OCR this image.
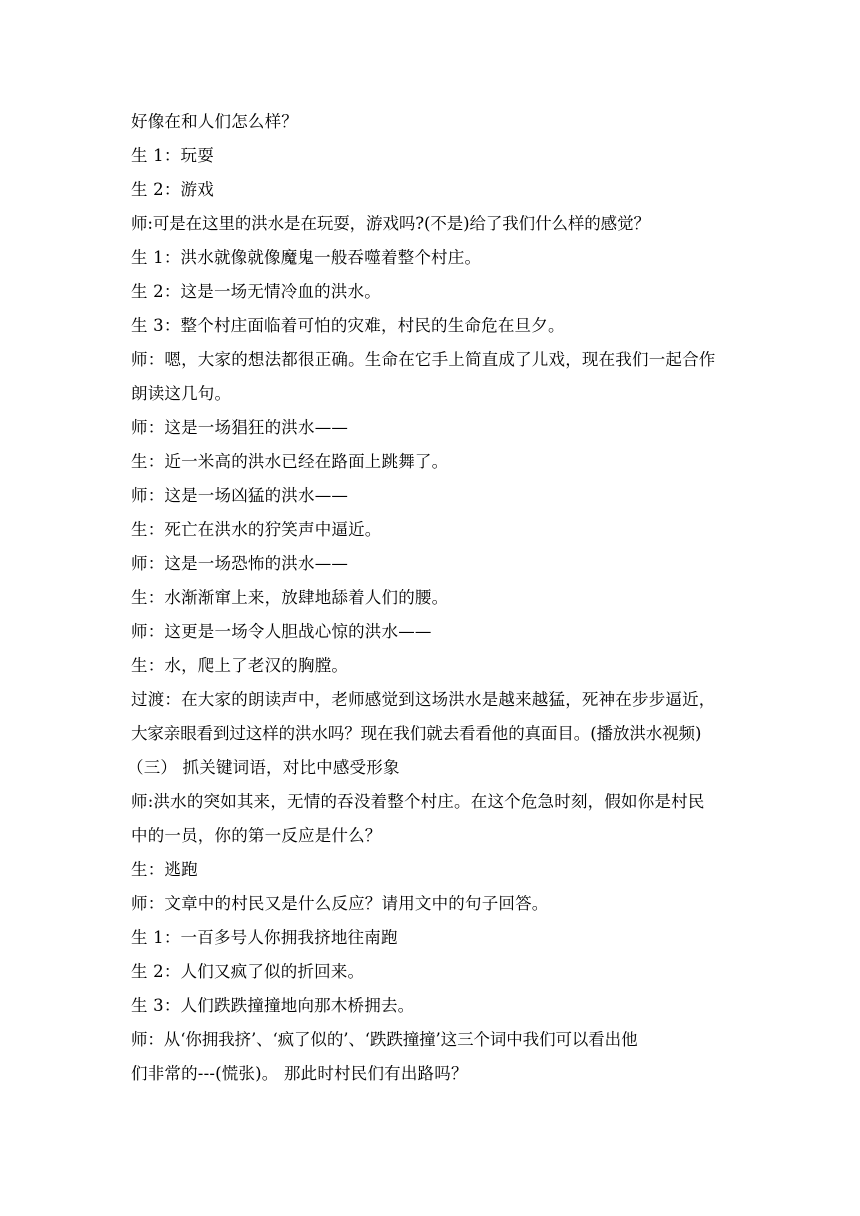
好像在和人们怎么样？
生 1：玩耍
生 2：游戏
师:可是在这里的洪水是在玩耍，游戏吗?(不是)给了我们什么样的感觉？
生 1：洪水就像就像魔鬼一般吞噬着整个村庄。
生 2：这是一场无情冷血的洪水。
生 3：整个村庄面临着可怕的灾难，村民的生命危在旦夕。
师：嗯，大家的想法都很正确。生命在它手上简直成了儿戏，现在我们一起合作
朗读这几句。
师：这是一场猖狂的洪水——
生：近一米高的洪水已经在路面上跳舞了。
师：这是一场凶猛的洪水——
生：死亡在洪水的狞笑声中逼近。
师：这是一场恐怖的洪水——
生：水渐渐窜上来，放肆地舔着人们的腰。
师：这更是一场令人胆战心惊的洪水——
生：水，爬上了老汉的胸膛。
过渡：在大家的朗读声中，老师感觉到这场洪水是越来越猛，死神在步步逼近，
大家亲眼看到过这样的洪水吗？现在我们就去看看他的真面目。(播放洪水视频)
（三） 抓关键词语，对比中感受形象
师:洪水的突如其来，无情的吞没着整个村庄。在这个危急时刻，假如你是村民
中的一员，你的第一反应是什么？
生：逃跑
师：文章中的村民又是什么反应？请用文中的句子回答。
生 1：一百多号人你拥我挤地往南跑
生 2：人们又疯了似的折回来。
生 3：人们跌跌撞撞地向那木桥拥去。
师：从‘你拥我挤’、‘疯了似的’、‘跌跌撞撞’这三个词中我们可以看出他
们非常的---(慌张)。 那此时村民们有出路吗？
